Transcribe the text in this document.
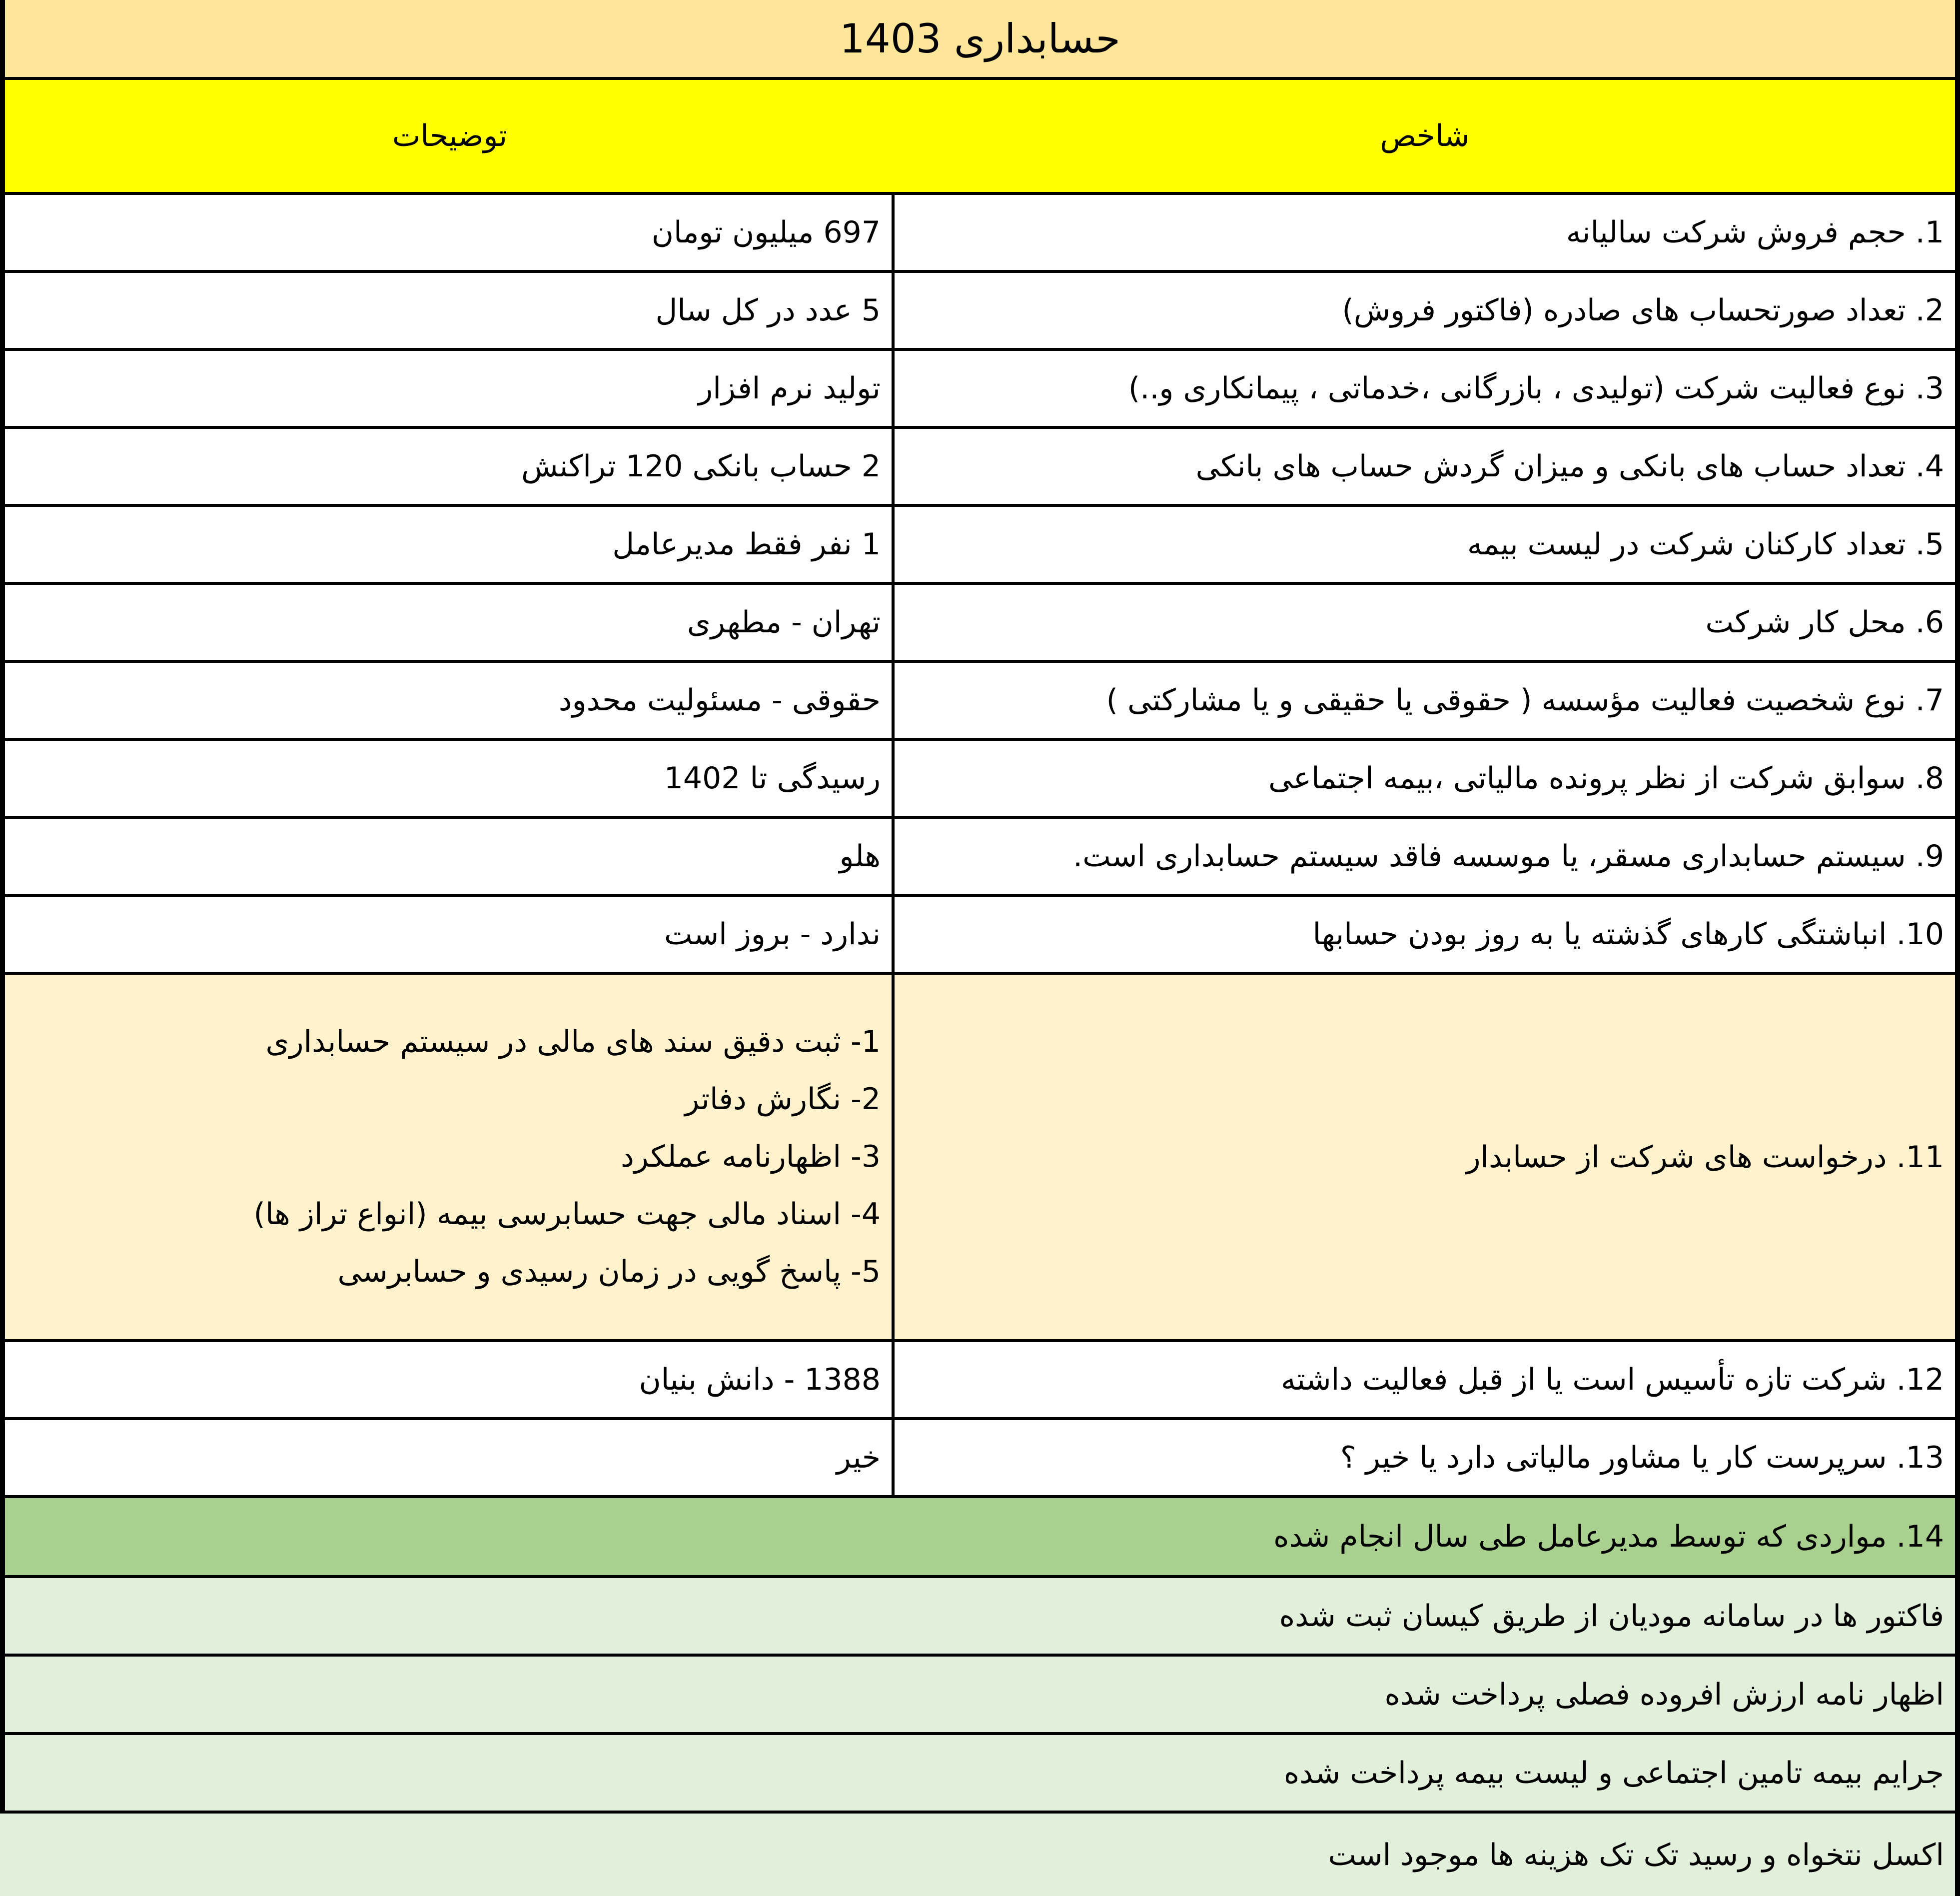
حسابداری 1403
شاخص
توضیحات
1. حجم فروش شرکت سالیانه
697 میلیون تومان
2. تعداد صورتحساب های صادره (فاکتور فروش)
5 عدد در کل سال
3. نوع فعالیت شرکت (تولیدی ، بازرگانی ،خدماتی ، پیمانکاری و..)
تولید نرم افزار
4. تعداد حساب های بانکی و میزان گردش حساب های بانکی
2 حساب بانکی 120 تراکنش
5. تعداد کارکنان شرکت در لیست بیمه
1 نفر فقط مدیرعامل
6. محل کار شرکت
تهران - مطهری
7. نوع شخصیت فعالیت مؤسسه ( حقوقی یا حقیقی و یا مشارکتی )
حقوقی - مسئولیت محدود
8. سوابق شرکت از نظر پرونده مالیاتی ،بیمه اجتماعی
رسیدگی تا 1402
9. سیستم حسابداری مسقر، یا موسسه فاقد سیستم حسابداری است.
هلو
10. انباشتگی کارهای گذشته یا به روز بودن حسابها
ندارد - بروز است
11. درخواست های شرکت از حسابدار
1- ثبت دقیق سند های مالی در سیستم حسابداری
2- نگارش دفاتر
3- اظهارنامه عملکرد
4- اسناد مالی جهت حسابرسی بیمه (انواع تراز ها)
5- پاسخ گویی در زمان رسیدی و حسابرسی
12. شرکت تازه تأسیس است یا از قبل فعالیت داشته
1388 - دانش بنیان
13. سرپرست کار یا مشاور مالیاتی دارد یا خیر ؟
خیر
14. مواردی که توسط مدیرعامل طی سال انجام شده
فاکتور ها در سامانه مودیان از طریق کیسان ثبت شده
اظهار نامه ارزش افروده فصلی پرداخت شده
جرایم بیمه تامین اجتماعی و لیست بیمه پرداخت شده
اکسل نتخواه و رسید تک تک هزینه ها موجود است
